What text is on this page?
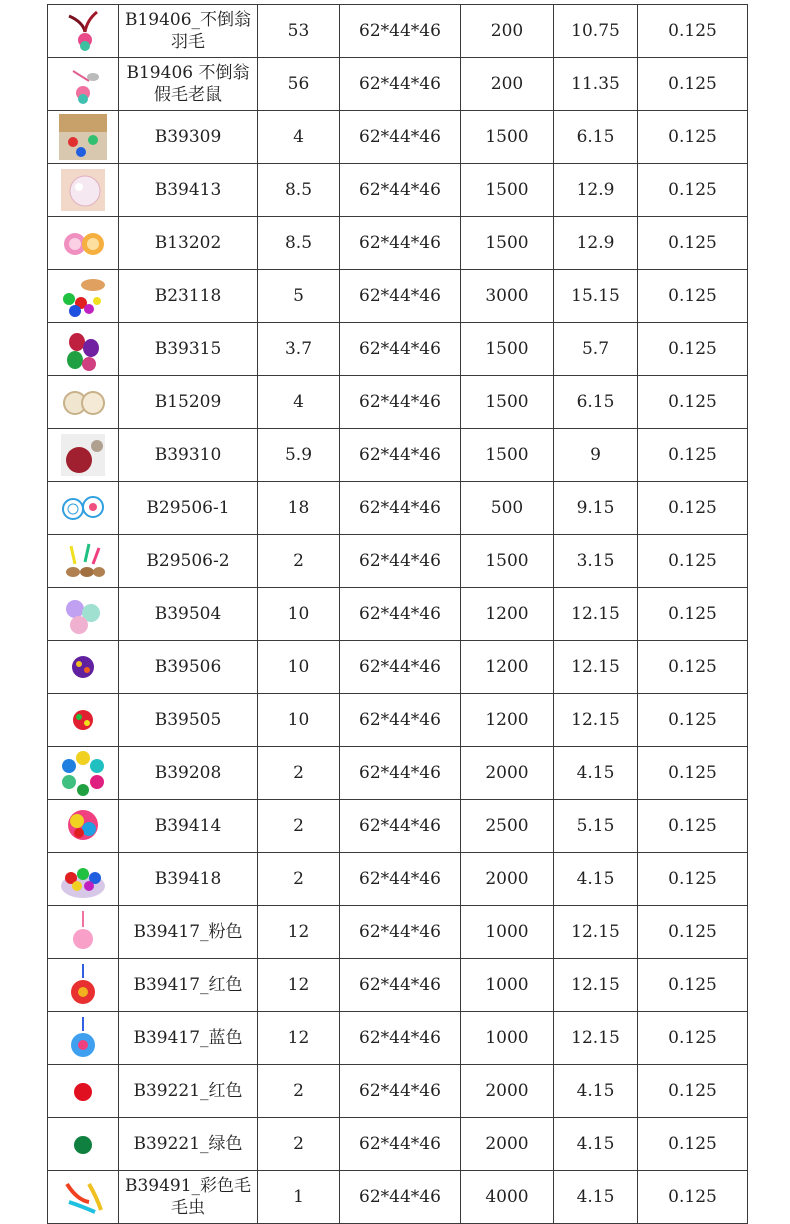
	B19406_不倒翁羽毛	53	62*44*46	200	10.75	0.125

	B19406 不倒翁假毛老鼠	56	62*44*46	200	11.35	0.125

	B39309	4	62*44*46	1500	6.15	0.125

	B39413	8.5	62*44*46	1500	12.9	0.125

	B13202	8.5	62*44*46	1500	12.9	0.125

	B23118	5	62*44*46	3000	15.15	0.125

	B39315	3.7	62*44*46	1500	5.7	0.125

	B15209	4	62*44*46	1500	6.15	0.125

	B39310	5.9	62*44*46	1500	9	0.125

	B29506-1	18	62*44*46	500	9.15	0.125

	B29506-2	2	62*44*46	1500	3.15	0.125

	B39504	10	62*44*46	1200	12.15	0.125

	B39506	10	62*44*46	1200	12.15	0.125

	B39505	10	62*44*46	1200	12.15	0.125

	B39208	2	62*44*46	2000	4.15	0.125

	B39414	2	62*44*46	2500	5.15	0.125

	B39418	2	62*44*46	2000	4.15	0.125

	B39417_粉色	12	62*44*46	1000	12.15	0.125

	B39417_红色	12	62*44*46	1000	12.15	0.125

	B39417_蓝色	12	62*44*46	1000	12.15	0.125

	B39221_红色	2	62*44*46	2000	4.15	0.125

	B39221_绿色	2	62*44*46	2000	4.15	0.125

	B39491_彩色毛毛虫	1	62*44*46	4000	4.15	0.125
